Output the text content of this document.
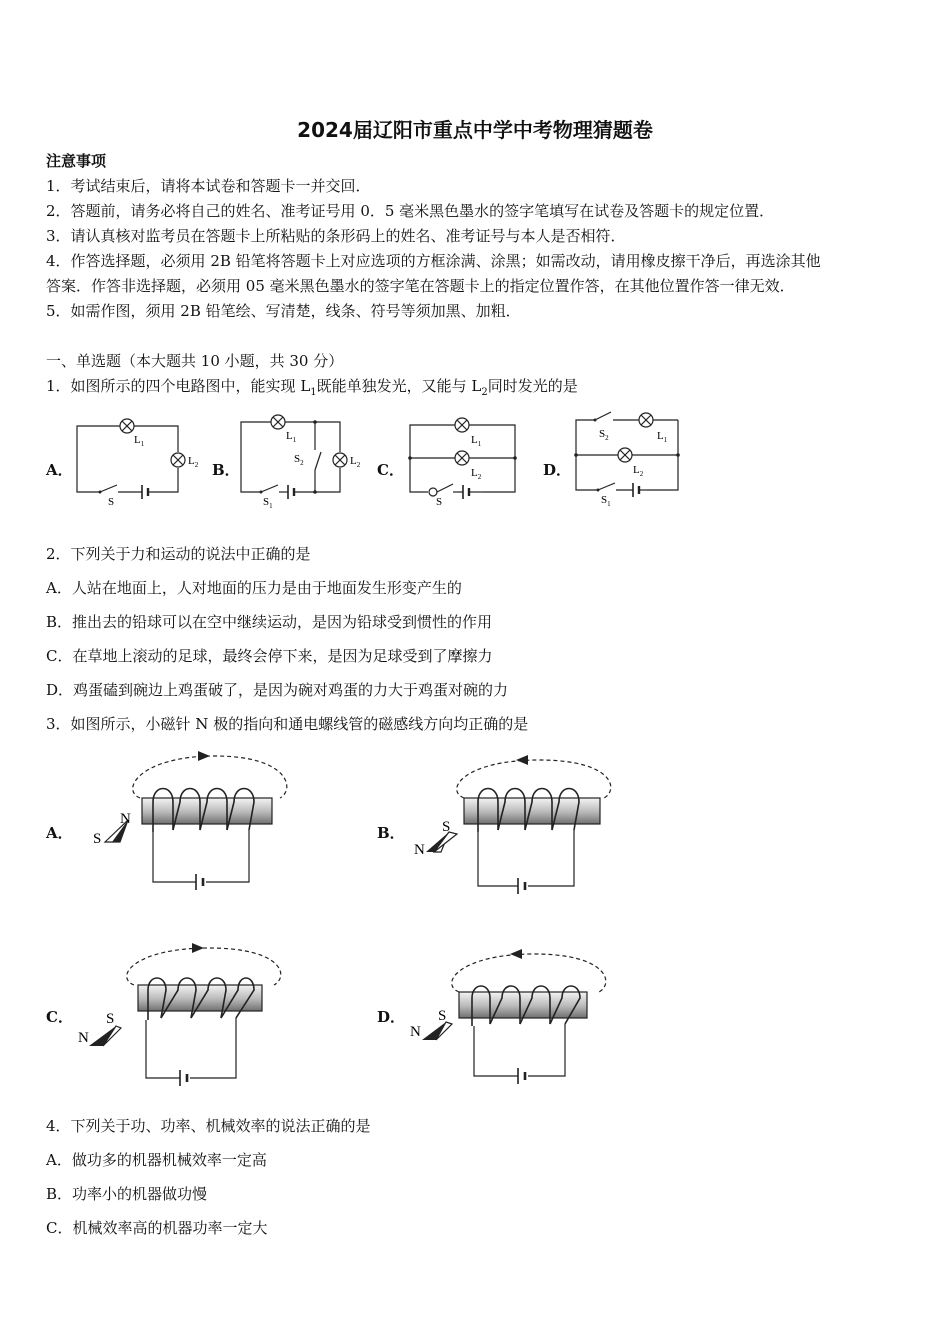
2024届辽阳市重点中学中考物理猜题卷
注意事项
1．考试结束后，请将本试卷和答题卡一并交回．
2．答题前，请务必将自己的姓名、准考证号用 0．5 毫米黑色墨水的签字笔填写在试卷及答题卡的规定位置．
3．请认真核对监考员在答题卡上所粘贴的条形码上的姓名、准考证号与本人是否相符．
4．作答选择题，必须用 2B 铅笔将答题卡上对应选项的方框涂满、涂黑；如需改动，请用橡皮擦干净后，再选涂其他
答案．作答非选择题，必须用 05 毫米黑色墨水的签字笔在答题卡上的指定位置作答，在其他位置作答一律无效．
5．如需作图，须用 2B 铅笔绘、写清楚，线条、符号等须加黑、加粗．
一、单选题（本大题共 10 小题，共 30 分）
1．如图所示的四个电路图中，能实现 $L_1$既能单独发光，又能与 $L_2$同时发光的是
A．	B．	C．	D．
$L_1$
$L_2$
S
$L_1$
$L_2$
$S_2$
$S_1$
$L_1$
$L_2$
S
$S_2$	$L_1$
$L_2$
$S_1$
2．下列关于力和运动的说法中正确的是
A．人站在地面上，人对地面的压力是由于地面发生形变产生的
B．推出去的铅球可以在空中继续运动，是因为铅球受到惯性的作用
C．在草地上滚动的足球，最终会停下来，是因为足球受到了摩擦力
D．鸡蛋磕到碗边上鸡蛋破了，是因为碗对鸡蛋的力大于鸡蛋对碗的力
3．如图所示，小磁针 N 极的指向和通电螺线管的磁感线方向均正确的是
A．	B．
C．	D．
N
S
S
N
S
N
S
N
4．下列关于功、功率、机械效率的说法正确的是
A．做功多的机器机械效率一定高
B．功率小的机器做功慢
C．机械效率高的机器功率一定大
